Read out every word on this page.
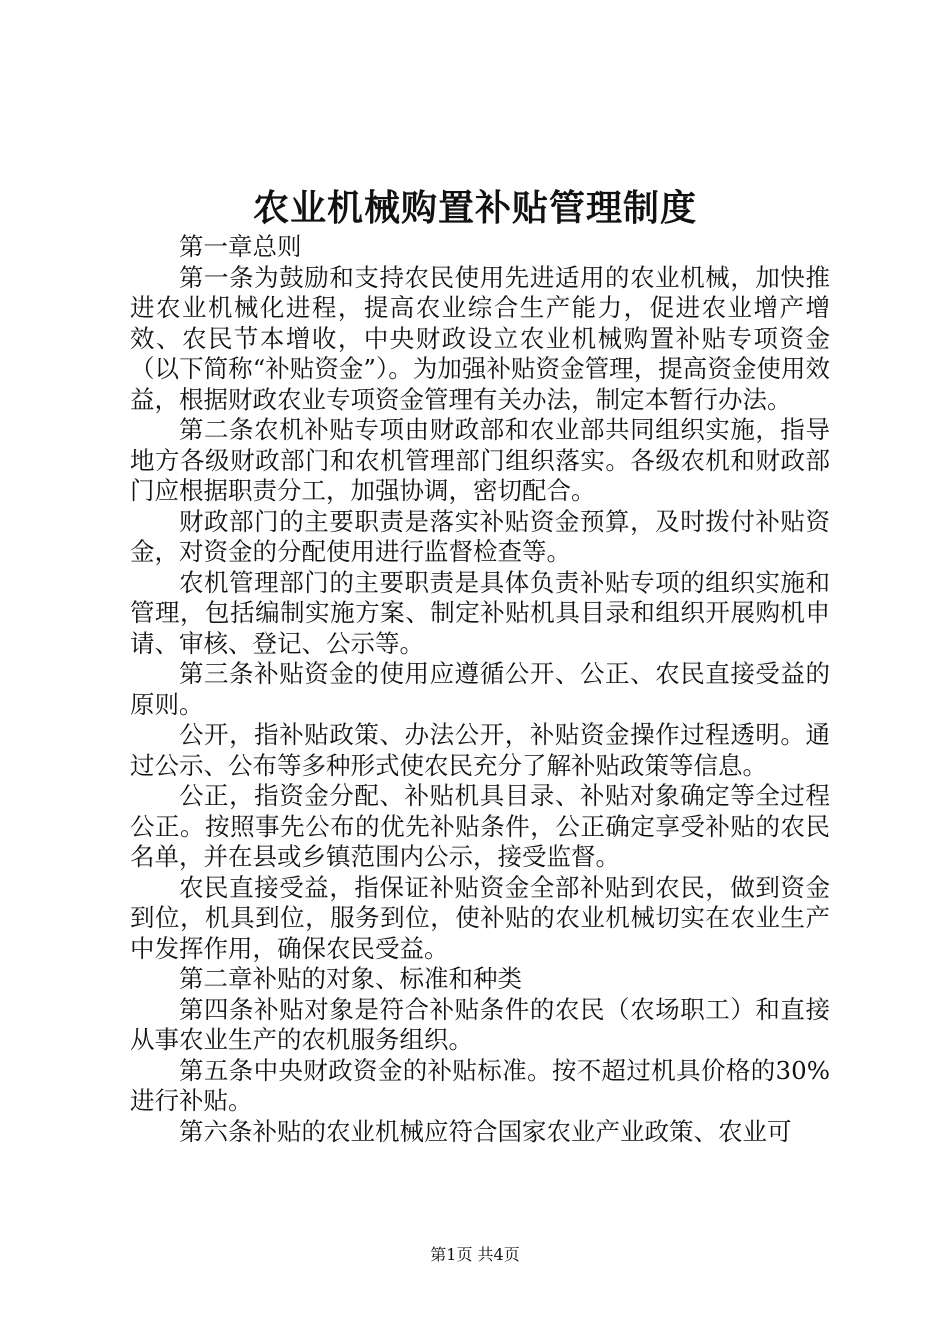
农业机械购置补贴管理制度

第一章总则

第一条为鼓励和支持农民使用先进适用的农业机械，加快推进农业机械化进程，提高农业综合生产能力，促进农业增产增效、农民节本增收，中央财政设立农业机械购置补贴专项资金（以下简称“补贴资金”）。为加强补贴资金管理，提高资金使用效益，根据财政农业专项资金管理有关办法，制定本暂行办法。

第二条农机补贴专项由财政部和农业部共同组织实施，指导地方各级财政部门和农机管理部门组织落实。各级农机和财政部门应根据职责分工，加强协调，密切配合。

财政部门的主要职责是落实补贴资金预算，及时拨付补贴资金，对资金的分配使用进行监督检查等。

农机管理部门的主要职责是具体负责补贴专项的组织实施和管理，包括编制实施方案、制定补贴机具目录和组织开展购机申请、审核、登记、公示等。

第三条补贴资金的使用应遵循公开、公正、农民直接受益的原则。

公开，指补贴政策、办法公开，补贴资金操作过程透明。通过公示、公布等多种形式使农民充分了解补贴政策等信息。

公正，指资金分配、补贴机具目录、补贴对象确定等全过程公正。按照事先公布的优先补贴条件，公正确定享受补贴的农民名单，并在县或乡镇范围内公示，接受监督。

农民直接受益，指保证补贴资金全部补贴到农民，做到资金到位，机具到位，服务到位，使补贴的农业机械切实在农业生产中发挥作用，确保农民受益。

第二章补贴的对象、标准和种类

第四条补贴对象是符合补贴条件的农民（农场职工）和直接从事农业生产的农机服务组织。

第五条中央财政资金的补贴标准。按不超过机具价格的30%进行补贴。

第六条补贴的农业机械应符合国家农业产业政策、农业可

第1页 共4页
